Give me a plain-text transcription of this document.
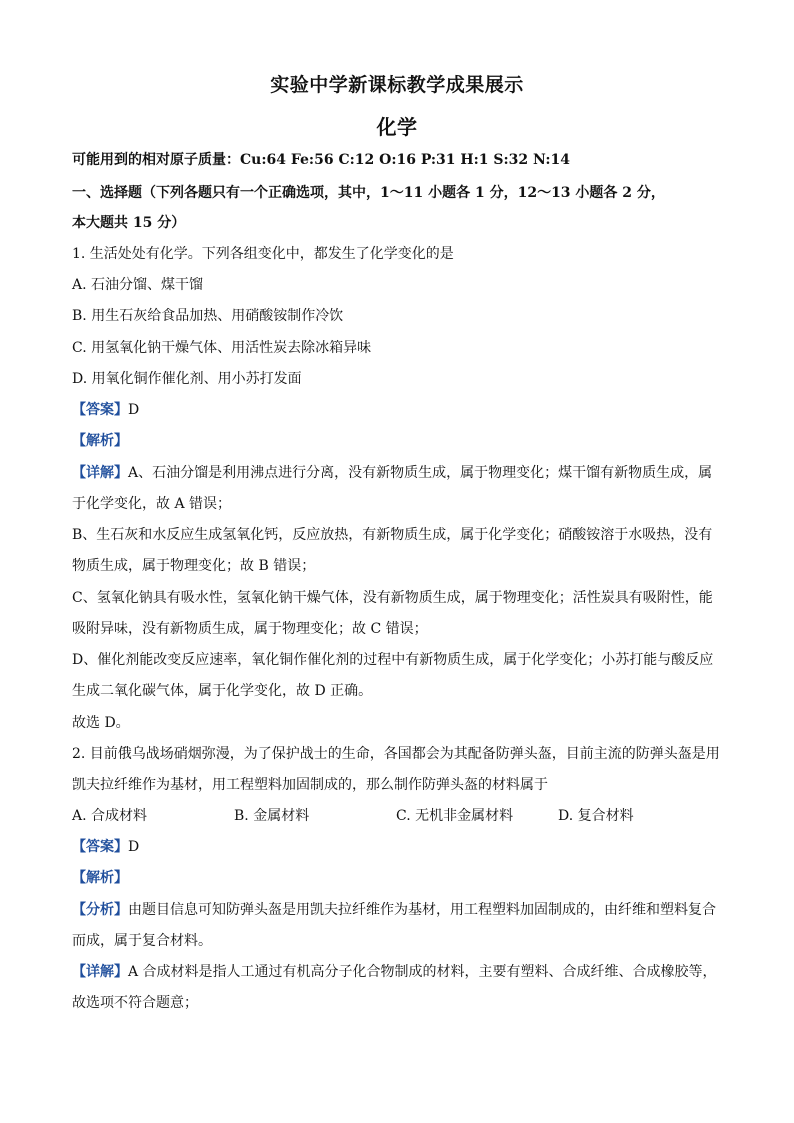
实验中学新课标教学成果展示
化学
可能用到的相对原子质量：Cu:64 Fe:56 C:12 O:16 P:31 H:1 S:32 N:14
一、选择题（下列各题只有一个正确选项，其中，1～11 小题各 1 分，12～13 小题各 2 分，
本大题共 15 分）
1. 生活处处有化学。下列各组变化中，都发生了化学变化的是
A. 石油分馏、煤干馏
B. 用生石灰给食品加热、用硝酸铵制作冷饮
C. 用氢氧化钠干燥气体、用活性炭去除冰箱异味
D. 用氧化铜作催化剂、用小苏打发面
【答案】D
【解析】
【详解】A、石油分馏是利用沸点进行分离，没有新物质生成，属于物理变化；煤干馏有新物质生成，属
于化学变化，故 A 错误；
B、生石灰和水反应生成氢氧化钙，反应放热，有新物质生成，属于化学变化；硝酸铵溶于水吸热，没有
物质生成，属于物理变化；故 B 错误；
C、氢氧化钠具有吸水性，氢氧化钠干燥气体，没有新物质生成，属于物理变化；活性炭具有吸附性，能
吸附异味，没有新物质生成，属于物理变化；故 C 错误；
D、催化剂能改变反应速率，氧化铜作催化剂的过程中有新物质生成，属于化学变化；小苏打能与酸反应
生成二氧化碳气体，属于化学变化，故 D 正确。
故选 D。
2. 目前俄乌战场硝烟弥漫，为了保护战士的生命，各国都会为其配备防弹头盔，目前主流的防弹头盔是用
凯夫拉纤维作为基材，用工程塑料加固制成的，那么制作防弹头盔的材料属于
A. 合成材料	B. 金属材料	C. 无机非金属材料	D. 复合材料
【答案】D
【解析】
【分析】由题目信息可知防弹头盔是用凯夫拉纤维作为基材，用工程塑料加固制成的，由纤维和塑料复合
而成，属于复合材料。
【详解】A 合成材料是指人工通过有机高分子化合物制成的材料，主要有塑料、合成纤维、合成橡胶等，
故选项不符合题意；
